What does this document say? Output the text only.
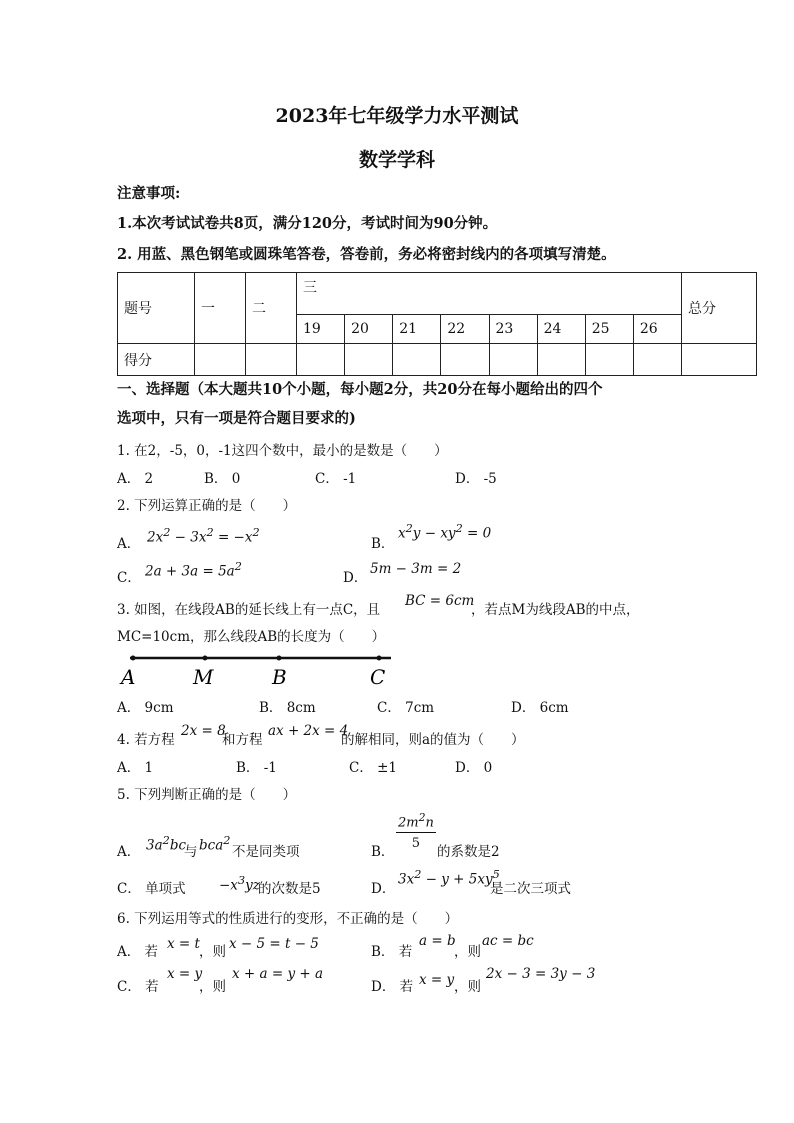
2023年七年级学力水平测试
数学学科
注意事项:
1.本次考试试卷共8页，满分120分，考试时间为90分钟。
2. 用蓝、黑色钢笔或圆珠笔答卷，答卷前，务必将密封线内的各项填写清楚。
题号	一	二	三								总分
			19	20	21	22	23	24	25	26	
得分											
一、选择题（本大题共10个小题，每小题2分，共20分在每小题给出的四个
选项中，只有一项是符合题目要求的)
1. 在2，-5，0，-1这四个数中，最小的是数是（　　）
A． 2	B． 0	C． -1	D． -5
2. 下列运算正确的是（　　）
A． $2x^2 - 3x^2 = -x^2$
B．
$x^2y - xy^2 = 0$
C． $2a + 3a = 5a^2$
D．
5m − 3m = 2
3. 如图，在线段AB的延长线上有一点C，且
BC = 6cm
，若点M为线段AB的中点，
MC=10cm，那么线段AB的长度为（　　）
A	M	B	C
A． 9cm	B． 8cm	C． 7cm	D． 6cm
4. 若方程
2x = 8
和方程
ax + 2x = 4
的解相同，则a的值为（　　）
A． 1	B． -1	C． ±1	D． 0
5. 下列判断正确的是（　　）
A． $3a^2bc$
与 bca$^2$
不是同类项	B．
$\frac{2m^2n}{5}$
的系数是2
C． 单项式 $-x^3yz$
的次数是5	D．
$3x^2 - y + 5xy^5$
是二次三项式
6. 下列运用等式的性质进行的变形，不正确的是（　　）
A． 若 x = t ，则 x − 5 = t − 5	B． 若
a = b
，则
ac = bc
C． 若
x = y
，则
x + a = y + a
D． 若 x = y ，则
2x − 3 = 3y − 3
